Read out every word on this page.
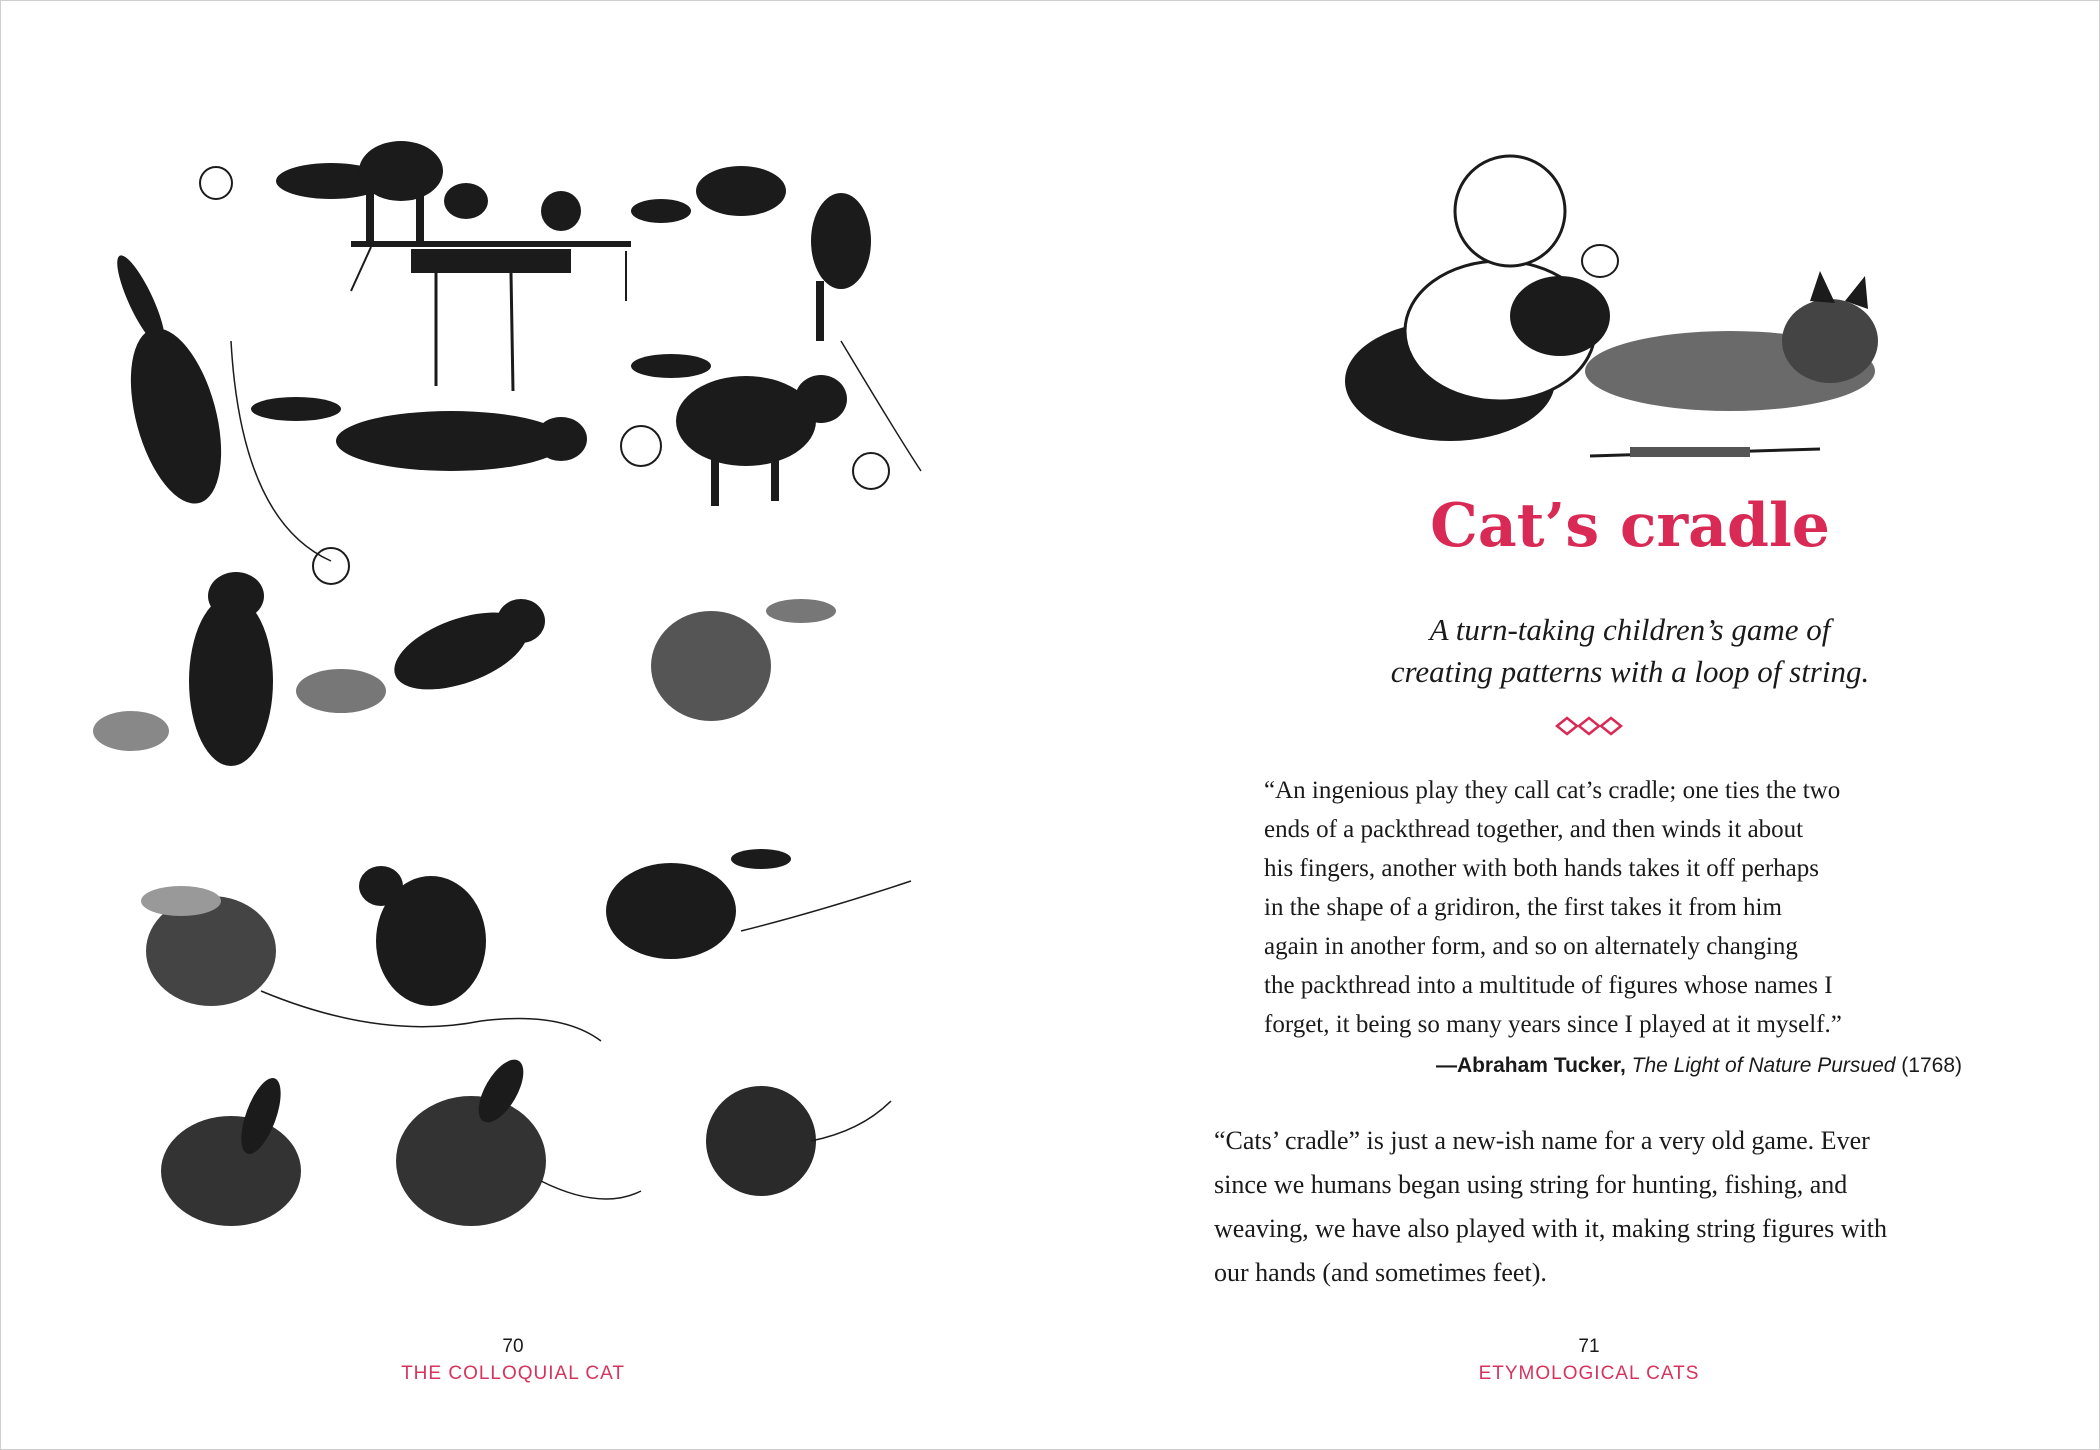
70
THE COLLOQUIAL CAT
Cat’s cradle
A turn-taking children’s game of
creating patterns with a loop of string.
“An ingenious play they call cat’s cradle; one ties the two
ends of a packthread together, and then winds it about
his fingers, another with both hands takes it off perhaps
in the shape of a gridiron, the first takes it from him
again in another form, and so on alternately changing
the packthread into a multitude of figures whose names I
forget, it being so many years since I played at it myself.”
—Abraham Tucker, The Light of Nature Pursued (1768)
“Cats’ cradle” is just a new-ish name for a very old game. Ever
since we humans began using string for hunting, fishing, and
weaving, we have also played with it, making string figures with
our hands (and sometimes feet).
71
ETYMOLOGICAL CATS
